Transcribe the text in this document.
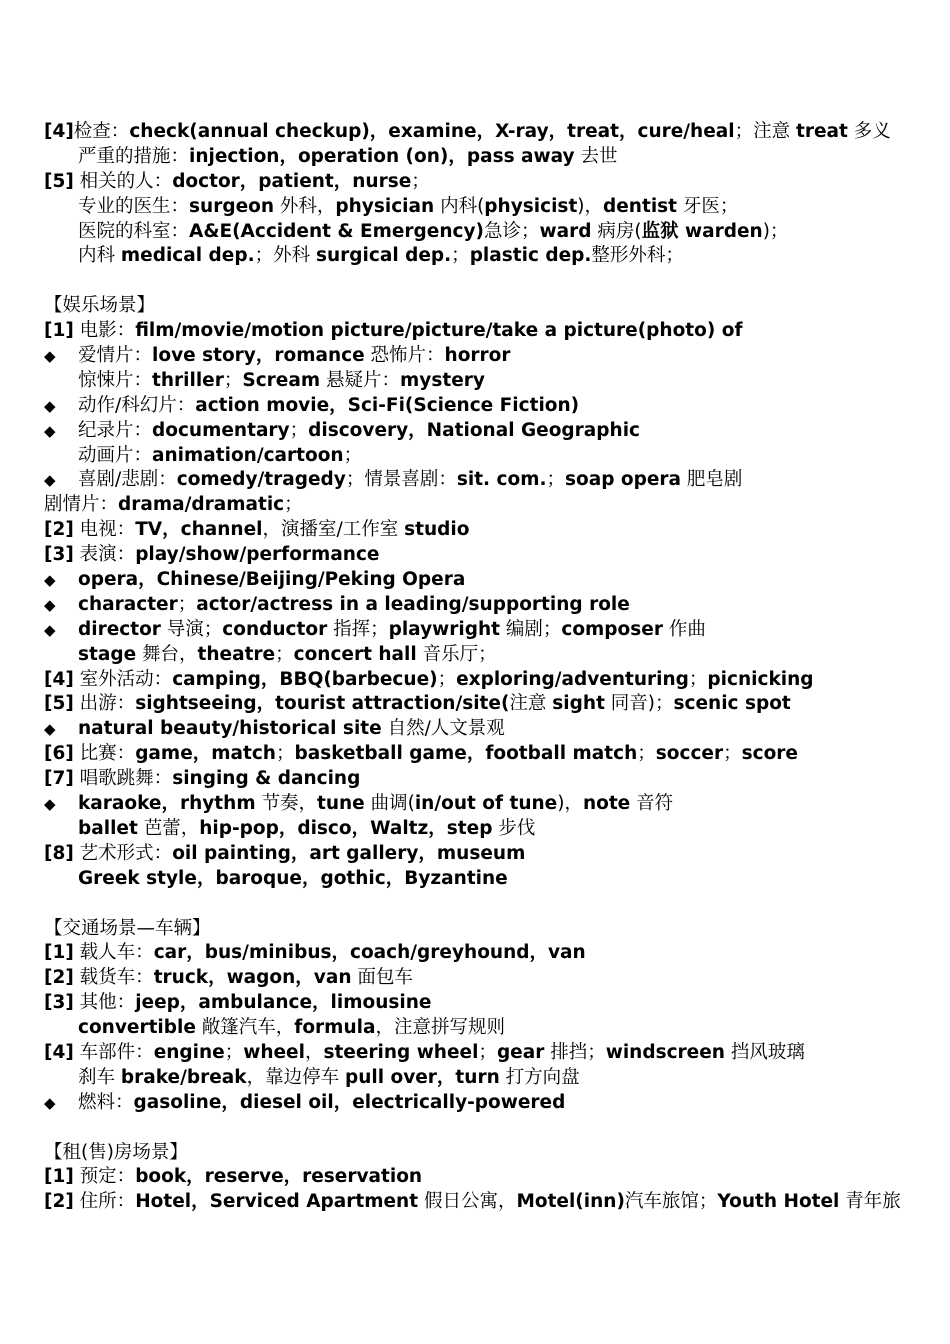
[4]检查：check(annual checkup)，examine，X-ray，treat，cure/heal；注意 treat 多义
严重的措施：injection，operation (on)，pass away 去世
[5] 相关的人：doctor，patient，nurse；
专业的医生：surgeon 外科，physician 内科(physicist)，dentist 牙医；
医院的科室：A&E(Accident & Emergency)急诊；ward 病房(监狱 warden)；
内科 medical dep.；外科 surgical dep.；plastic dep.整形外科；
【娱乐场景】
[1] 电影：film/movie/motion picture/picture/take a picture(photo) of
◆ 爱情片：love story，romance 恐怖片：horror
惊悚片：thriller；Scream 悬疑片：mystery
◆ 动作/科幻片：action movie，Sci-Fi(Science Fiction)
◆ 纪录片：documentary；discovery，National Geographic
动画片：animation/cartoon；
◆ 喜剧/悲剧：comedy/tragedy；情景喜剧：sit. com.；soap opera 肥皂剧
剧情片：drama/dramatic；
[2] 电视：TV，channel，演播室/工作室 studio
[3] 表演：play/show/performance
◆ opera，Chinese/Beijing/Peking Opera
◆ character；actor/actress in a leading/supporting role
◆ director 导演；conductor 指挥；playwright 编剧；composer 作曲
stage 舞台，theatre；concert hall 音乐厅；
[4] 室外活动：camping，BBQ(barbecue)；exploring/adventuring；picnicking
[5] 出游：sightseeing，tourist attraction/site(注意 sight 同音)；scenic spot
◆ natural beauty/historical site 自然/人文景观
[6] 比赛：game，match；basketball game，football match；soccer；score
[7] 唱歌跳舞：singing & dancing
◆ karaoke，rhythm 节奏，tune 曲调(in/out of tune)，note 音符
ballet 芭蕾，hip-pop，disco，Waltz，step 步伐
[8] 艺术形式：oil painting，art gallery，museum
Greek style，baroque，gothic，Byzantine
【交通场景—车辆】
[1] 载人车：car，bus/minibus，coach/greyhound，van
[2] 载货车：truck，wagon，van 面包车
[3] 其他：jeep，ambulance，limousine
convertible 敞篷汽车，formula，注意拼写规则
[4] 车部件：engine；wheel，steering wheel；gear 排挡；windscreen 挡风玻璃
刹车 brake/break，靠边停车 pull over，turn 打方向盘
◆ 燃料：gasoline，diesel oil，electrically-powered
【租(售)房场景】
[1] 预定：book，reserve，reservation
[2] 住所：Hotel，Serviced Apartment 假日公寓，Motel(inn)汽车旅馆；Youth Hotel 青年旅
